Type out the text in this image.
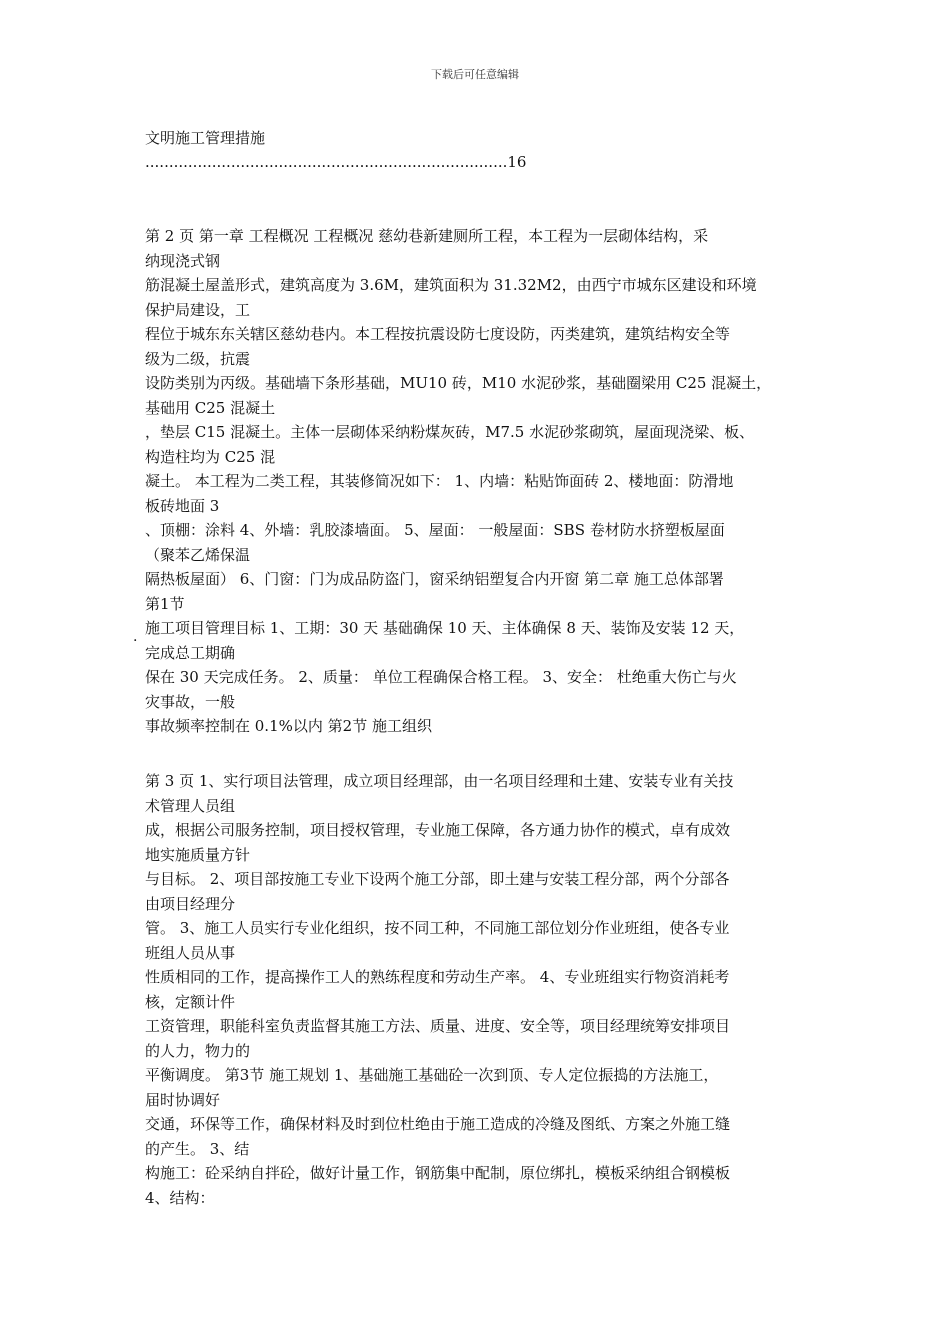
下载后可任意编辑
文明施工管理措施
............................................................................16
.
第 2 页 第一章 工程概况 工程概况 慈幼巷新建厕所工程，本工程为一层砌体结构，采
纳现浇式钢
筋混凝土屋盖形式，建筑高度为 3.6M，建筑面积为 31.32M2，由西宁市城东区建设和环境
保护局建设，工
程位于城东东关辖区慈幼巷内。本工程按抗震设防七度设防，丙类建筑，建筑结构安全等
级为二级，抗震
设防类别为丙级。基础墙下条形基础，MU10 砖，M10 水泥砂浆，基础圈梁用 C25 混凝土，
基础用 C25 混凝土
，垫层 C15 混凝土。主体一层砌体采纳粉煤灰砖，M7.5 水泥砂浆砌筑，屋面现浇梁、板、
构造柱均为 C25 混
凝土。 本工程为二类工程，其装修简况如下： 1、内墙：粘贴饰面砖 2、楼地面：防滑地
板砖地面 3
、顶棚：涂料 4、外墙：乳胶漆墙面。 5、屋面： 一般屋面：SBS 卷材防水挤塑板屋面
（聚苯乙烯保温
隔热板屋面） 6、门窗：门为成品防盗门，窗采纳铝塑复合内开窗 第二章 施工总体部署
第1节
施工项目管理目标 1、工期：30 天 基础确保 10 天、主体确保 8 天、装饰及安装 12 天，
完成总工期确
保在 30 天完成任务。 2、质量： 单位工程确保合格工程。 3、安全： 杜绝重大伤亡与火
灾事故，一般
事故频率控制在 0.1%以内 第2节 施工组织
第 3 页 1、实行项目法管理，成立项目经理部，由一名项目经理和土建、安装专业有关技
术管理人员组
成，根据公司服务控制，项目授权管理，专业施工保障，各方通力协作的模式，卓有成效
地实施质量方针
与目标。 2、项目部按施工专业下设两个施工分部，即土建与安装工程分部，两个分部各
由项目经理分
管。 3、施工人员实行专业化组织，按不同工种，不同施工部位划分作业班组，使各专业
班组人员从事
性质相同的工作，提高操作工人的熟练程度和劳动生产率。 4、专业班组实行物资消耗考
核，定额计件
工资管理，职能科室负责监督其施工方法、质量、进度、安全等，项目经理统筹安排项目
的人力，物力的
平衡调度。 第3节 施工规划 1、基础施工基础砼一次到顶、专人定位振捣的方法施工，
届时协调好
交通，环保等工作，确保材料及时到位杜绝由于施工造成的冷缝及图纸、方案之外施工缝
的产生。 3、结
构施工：砼采纳自拌砼，做好计量工作，钢筋集中配制，原位绑扎，模板采纳组合钢模板
4、结构：
